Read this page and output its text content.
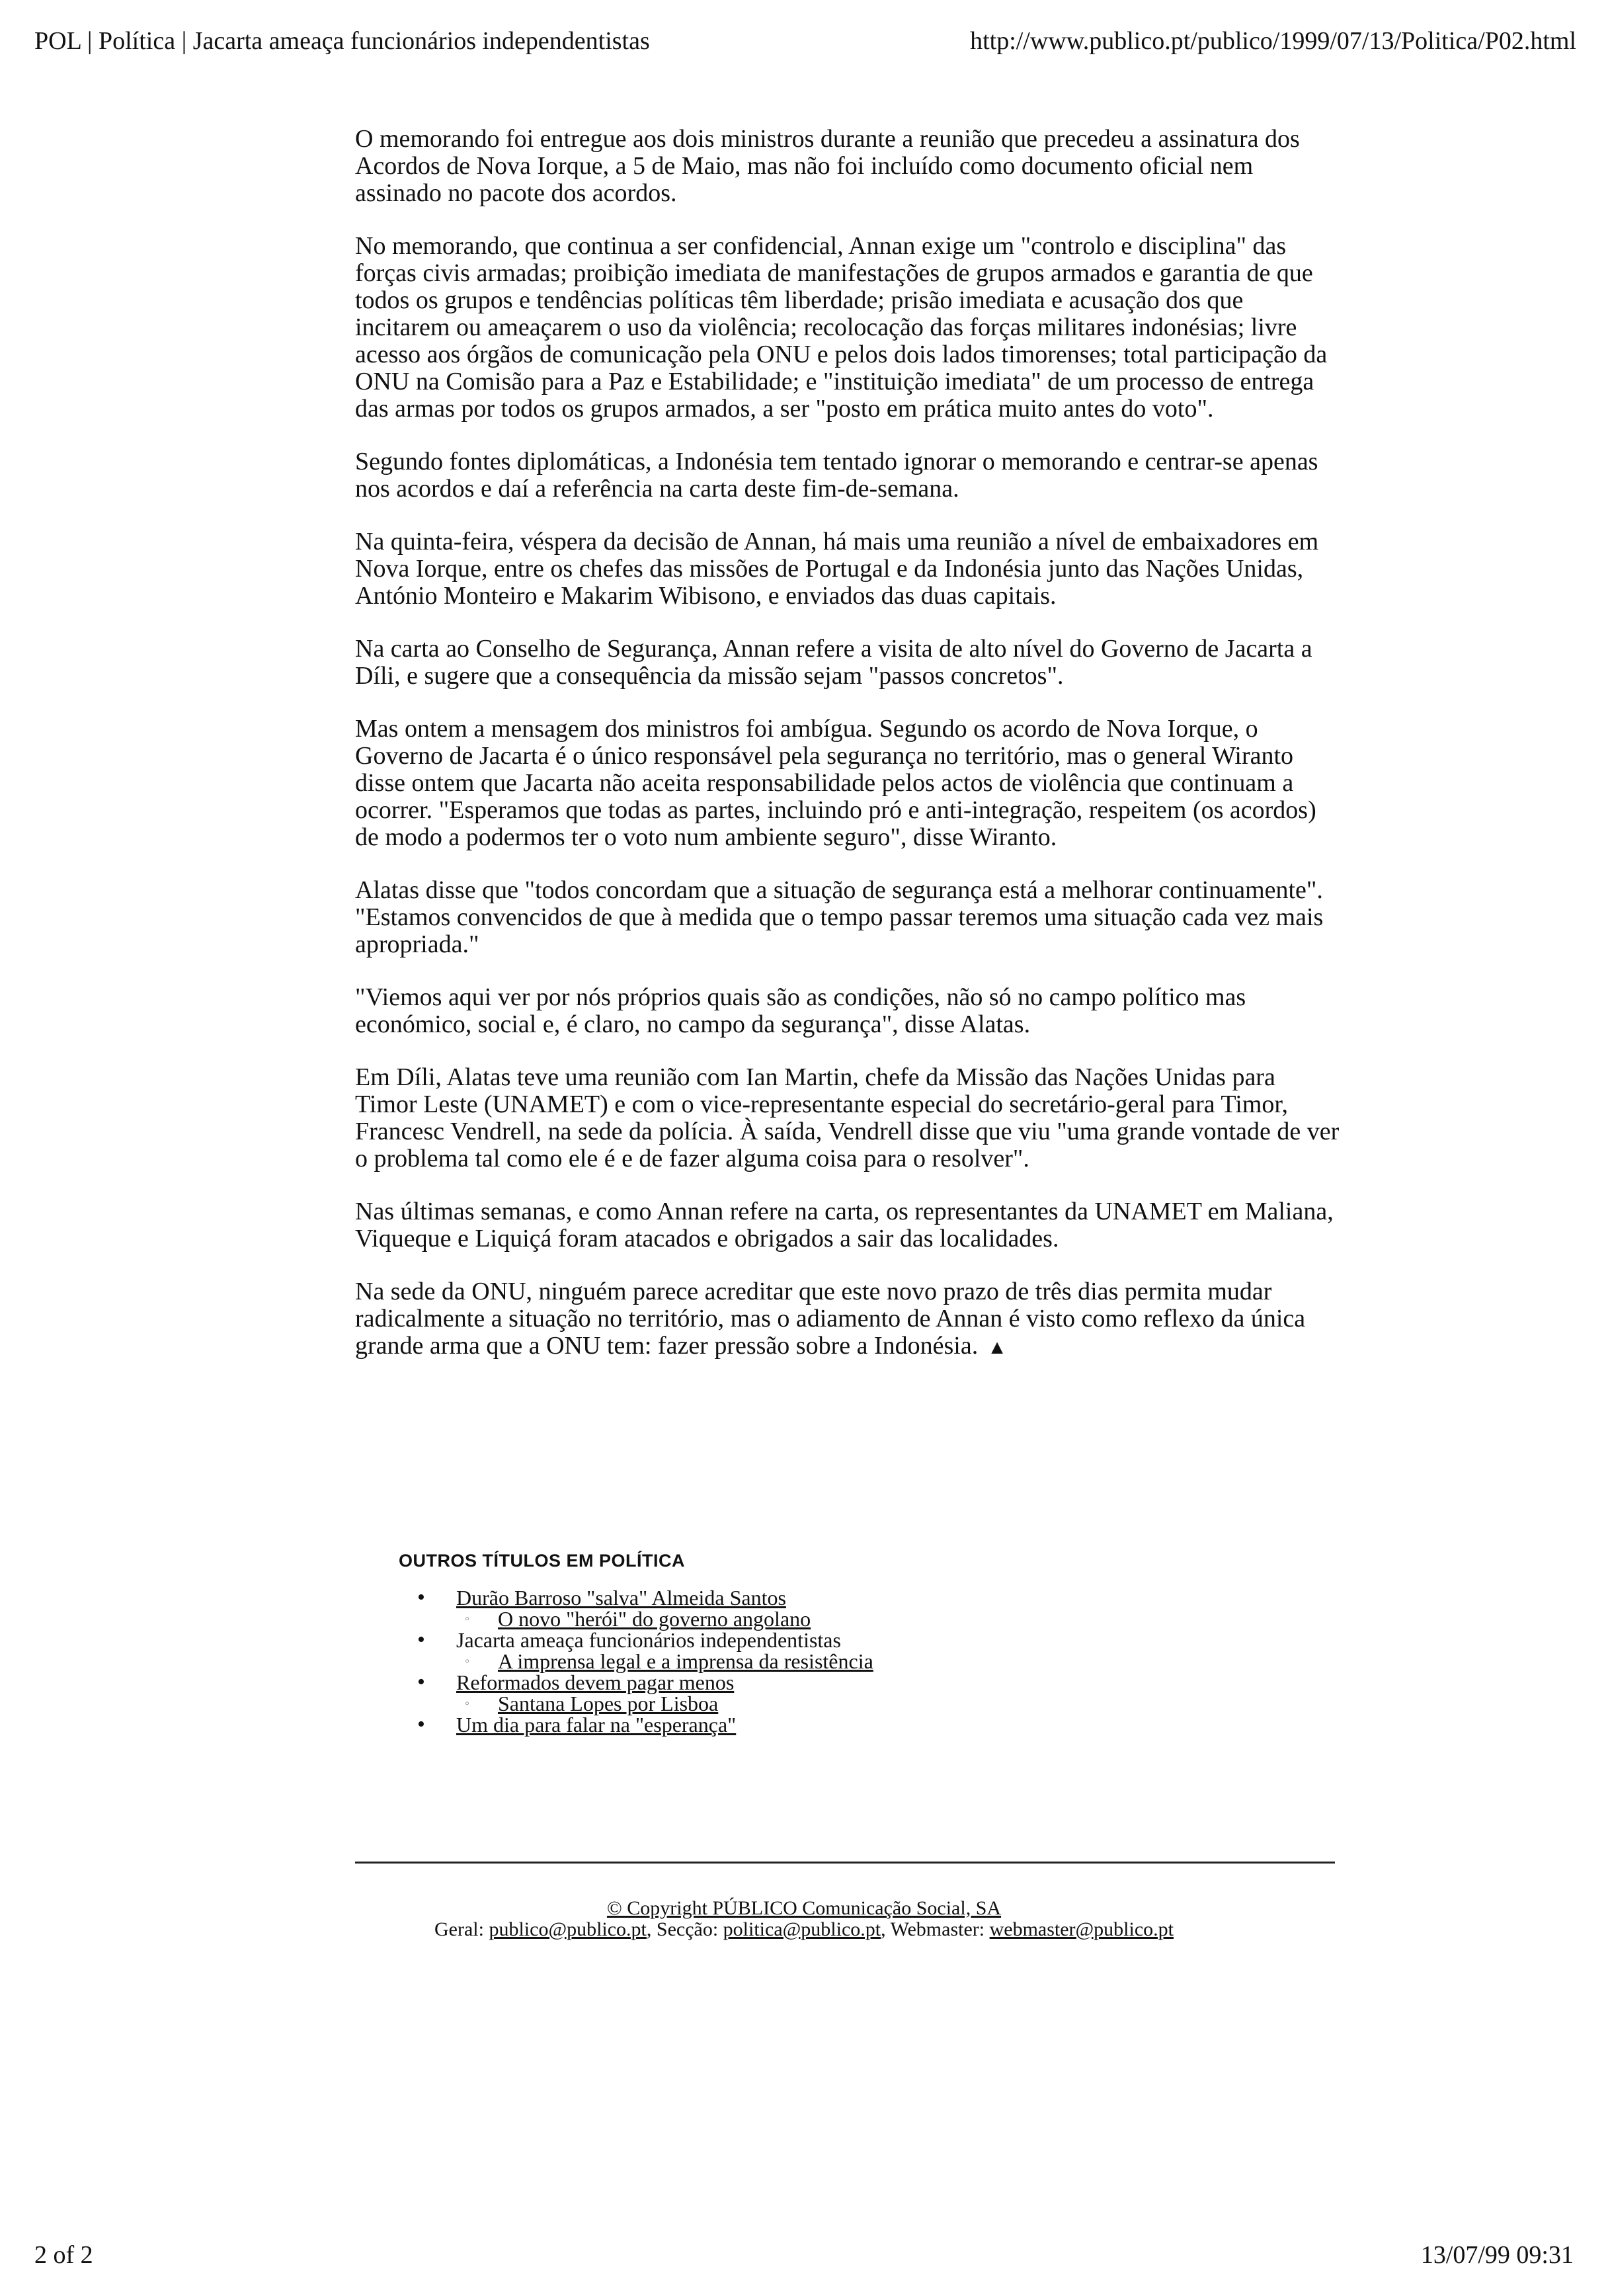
POL | Política | Jacarta ameaça funcionários independentistas	http://www.publico.pt/publico/1999/07/13/Politica/P02.html

O memorando foi entregue aos dois ministros durante a reunião que precedeu a assinatura dos Acordos de Nova Iorque, a 5 de Maio, mas não foi incluído como documento oficial nem assinado no pacote dos acordos.

No memorando, que continua a ser confidencial, Annan exige um "controlo e disciplina" das forças civis armadas; proibição imediata de manifestações de grupos armados e garantia de que todos os grupos e tendências políticas têm liberdade; prisão imediata e acusação dos que incitarem ou ameaçarem o uso da violência; recolocação das forças militares indonésias; livre acesso aos órgãos de comunicação pela ONU e pelos dois lados timorenses; total participação da ONU na Comisão para a Paz e Estabilidade; e "instituição imediata" de um processo de entrega das armas por todos os grupos armados, a ser "posto em prática muito antes do voto".

Segundo fontes diplomáticas, a Indonésia tem tentado ignorar o memorando e centrar-se apenas nos acordos e daí a referência na carta deste fim-de-semana.

Na quinta-feira, véspera da decisão de Annan, há mais uma reunião a nível de embaixadores em Nova Iorque, entre os chefes das missões de Portugal e da Indonésia junto das Nações Unidas, António Monteiro e Makarim Wibisono, e enviados das duas capitais.

Na carta ao Conselho de Segurança, Annan refere a visita de alto nível do Governo de Jacarta a Díli, e sugere que a consequência da missão sejam "passos concretos".

Mas ontem a mensagem dos ministros foi ambígua. Segundo os acordo de Nova Iorque, o Governo de Jacarta é o único responsável pela segurança no território, mas o general Wiranto disse ontem que Jacarta não aceita responsabilidade pelos actos de violência que continuam a ocorrer. "Esperamos que todas as partes, incluindo pró e anti-integração, respeitem (os acordos) de modo a podermos ter o voto num ambiente seguro", disse Wiranto.

Alatas disse que "todos concordam que a situação de segurança está a melhorar continuamente". "Estamos convencidos de que à medida que o tempo passar teremos uma situação cada vez mais apropriada."

"Viemos aqui ver por nós próprios quais são as condições, não só no campo político mas económico, social e, é claro, no campo da segurança", disse Alatas.

Em Díli, Alatas teve uma reunião com Ian Martin, chefe da Missão das Nações Unidas para Timor Leste (UNAMET) e com o vice-representante especial do secretário-geral para Timor, Francesc Vendrell, na sede da polícia. À saída, Vendrell disse que viu "uma grande vontade de ver o problema tal como ele é e de fazer alguma coisa para o resolver".

Nas últimas semanas, e como Annan refere na carta, os representantes da UNAMET em Maliana, Viqueque e Liquiçá foram atacados e obrigados a sair das localidades.

Na sede da ONU, ninguém parece acreditar que este novo prazo de três dias permita mudar radicalmente a situação no território, mas o adiamento de Annan é visto como reflexo da única grande arma que a ONU tem: fazer pressão sobre a Indonésia. ▲

OUTROS TÍTULOS EM POLÍTICA
• Durão Barroso "salva" Almeida Santos
◦ O novo "herói" do governo angolano
• Jacarta ameaça funcionários independentistas
◦ A imprensa legal e a imprensa da resistência
• Reformados devem pagar menos
◦ Santana Lopes por Lisboa
• Um dia para falar na "esperança"
© Copyright PÚBLICO Comunicação Social, SA
Geral: publico@publico.pt, Secção: politica@publico.pt, Webmaster: webmaster@publico.pt
2 of 2	13/07/99 09:31
